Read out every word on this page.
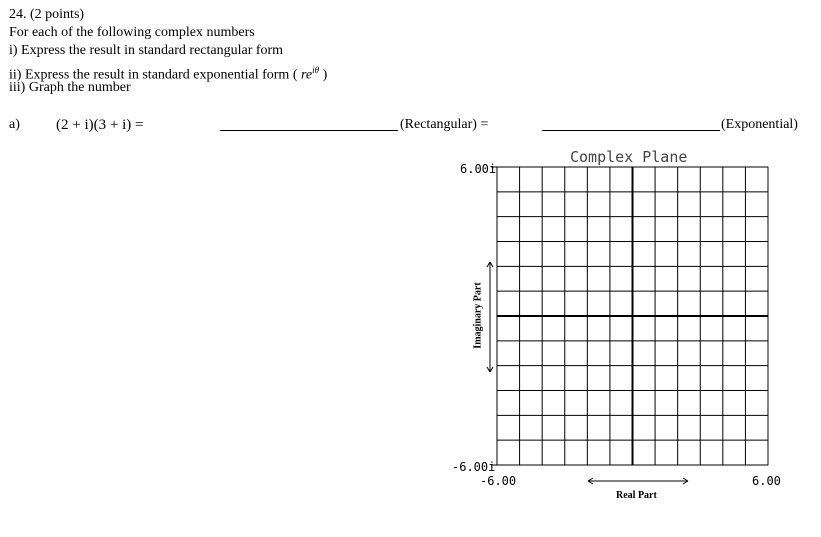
24. (2 points)
For each of the following complex numbers
i) Express the result in standard rectangular form
ii) Express the result in standard exponential form ( $re^{i\theta}$ )
iii) Graph the number
a) (2 + i)(3 + i) =	(Rectangular) =	(Exponential)
Complex Plane
6.00i
-6.00i
-6.00	6.00
Imaginary Part
Real Part
